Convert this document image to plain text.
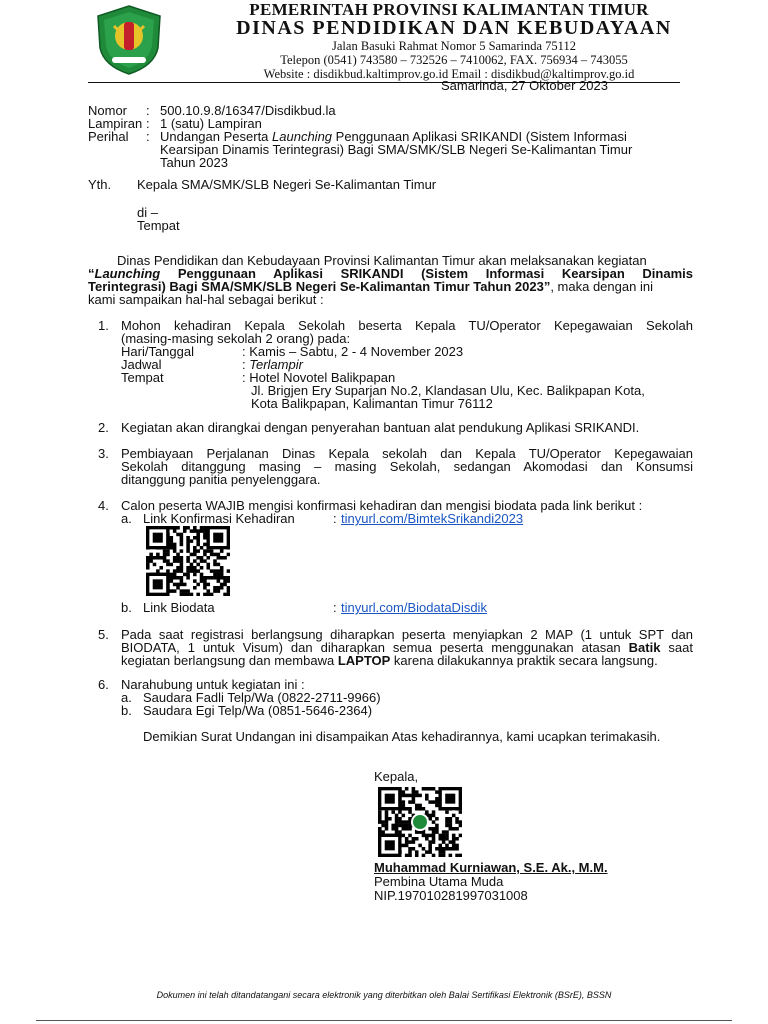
PEMERINTAH PROVINSI KALIMANTAN TIMUR
DINAS PENDIDIKAN DAN KEBUDAYAAN
Jalan Basuki Rahmat Nomor 5 Samarinda 75112
Telepon (0541) 743580 – 732526 – 7410062, FAX. 756934 – 743055
Website : disdikbud.kaltimprov.go.id Email : disdikbud@kaltimprov.go.id
Samarinda, 27 Oktober 2023
Nomor : 500.10.9.8/16347/Disdikbud.la
Lampiran : 1 (satu) Lampiran
Perihal : Undangan Peserta Launching Penggunaan Aplikasi SRIKANDI (Sistem Informasi
Kearsipan Dinamis Terintegrasi) Bagi SMA/SMK/SLB Negeri Se-Kalimantan Timur
Tahun 2023
Yth. Kepala SMA/SMK/SLB Negeri Se-Kalimantan Timur
di –
Tempat
Dinas Pendidikan dan Kebudayaan Provinsi Kalimantan Timur akan melaksanakan kegiatan
“Launching Penggunaan Aplikasi SRIKANDI (Sistem Informasi Kearsipan Dinamis
Terintegrasi) Bagi SMA/SMK/SLB Negeri Se-Kalimantan Timur Tahun 2023”, maka dengan ini
kami sampaikan hal-hal sebagai berikut :
1. Mohon kehadiran Kepala Sekolah beserta Kepala TU/Operator Kepegawaian Sekolah
(masing-masing sekolah 2 orang) pada:
Hari/Tanggal	: Kamis – Sabtu, 2 - 4 November 2023
Jadwal	: Terlampir
Tempat	: Hotel Novotel Balikpapan
Jl. Brigjen Ery Suparjan No.2, Klandasan Ulu, Kec. Balikpapan Kota,
Kota Balikpapan, Kalimantan Timur 76112
2. Kegiatan akan dirangkai dengan penyerahan bantuan alat pendukung Aplikasi SRIKANDI.
3. Pembiayaan Perjalanan Dinas Kepala sekolah dan Kepala TU/Operator Kepegawaian
Sekolah ditanggung masing – masing Sekolah, sedangan Akomodasi dan Konsumsi
ditanggung panitia penyelenggara.
4. Calon peserta WAJIB mengisi konfirmasi kehadiran dan mengisi biodata pada link berikut :
a. Link Konfirmasi Kehadiran	: tinyurl.com/BimtekSrikandi2023
b. Link Biodata	: tinyurl.com/BiodataDisdik
5. Pada saat registrasi berlangsung diharapkan peserta menyiapkan 2 MAP (1 untuk SPT dan
BIODATA, 1 untuk Visum) dan diharapkan semua peserta menggunakan atasan Batik saat
kegiatan berlangsung dan membawa LAPTOP karena dilakukannya praktik secara langsung.
6. Narahubung untuk kegiatan ini :
a. Saudara Fadli Telp/Wa (0822-2711-9966)
b. Saudara Egi Telp/Wa (0851-5646-2364)
Demikian Surat Undangan ini disampaikan Atas kehadirannya, kami ucapkan terimakasih.
Kepala,
Muhammad Kurniawan, S.E. Ak., M.M.
Pembina Utama Muda
NIP.197010281997031008
Dokumen ini telah ditandatangani secara elektronik yang diterbitkan oleh Balai Sertifikasi Elektronik (BSrE), BSSN
